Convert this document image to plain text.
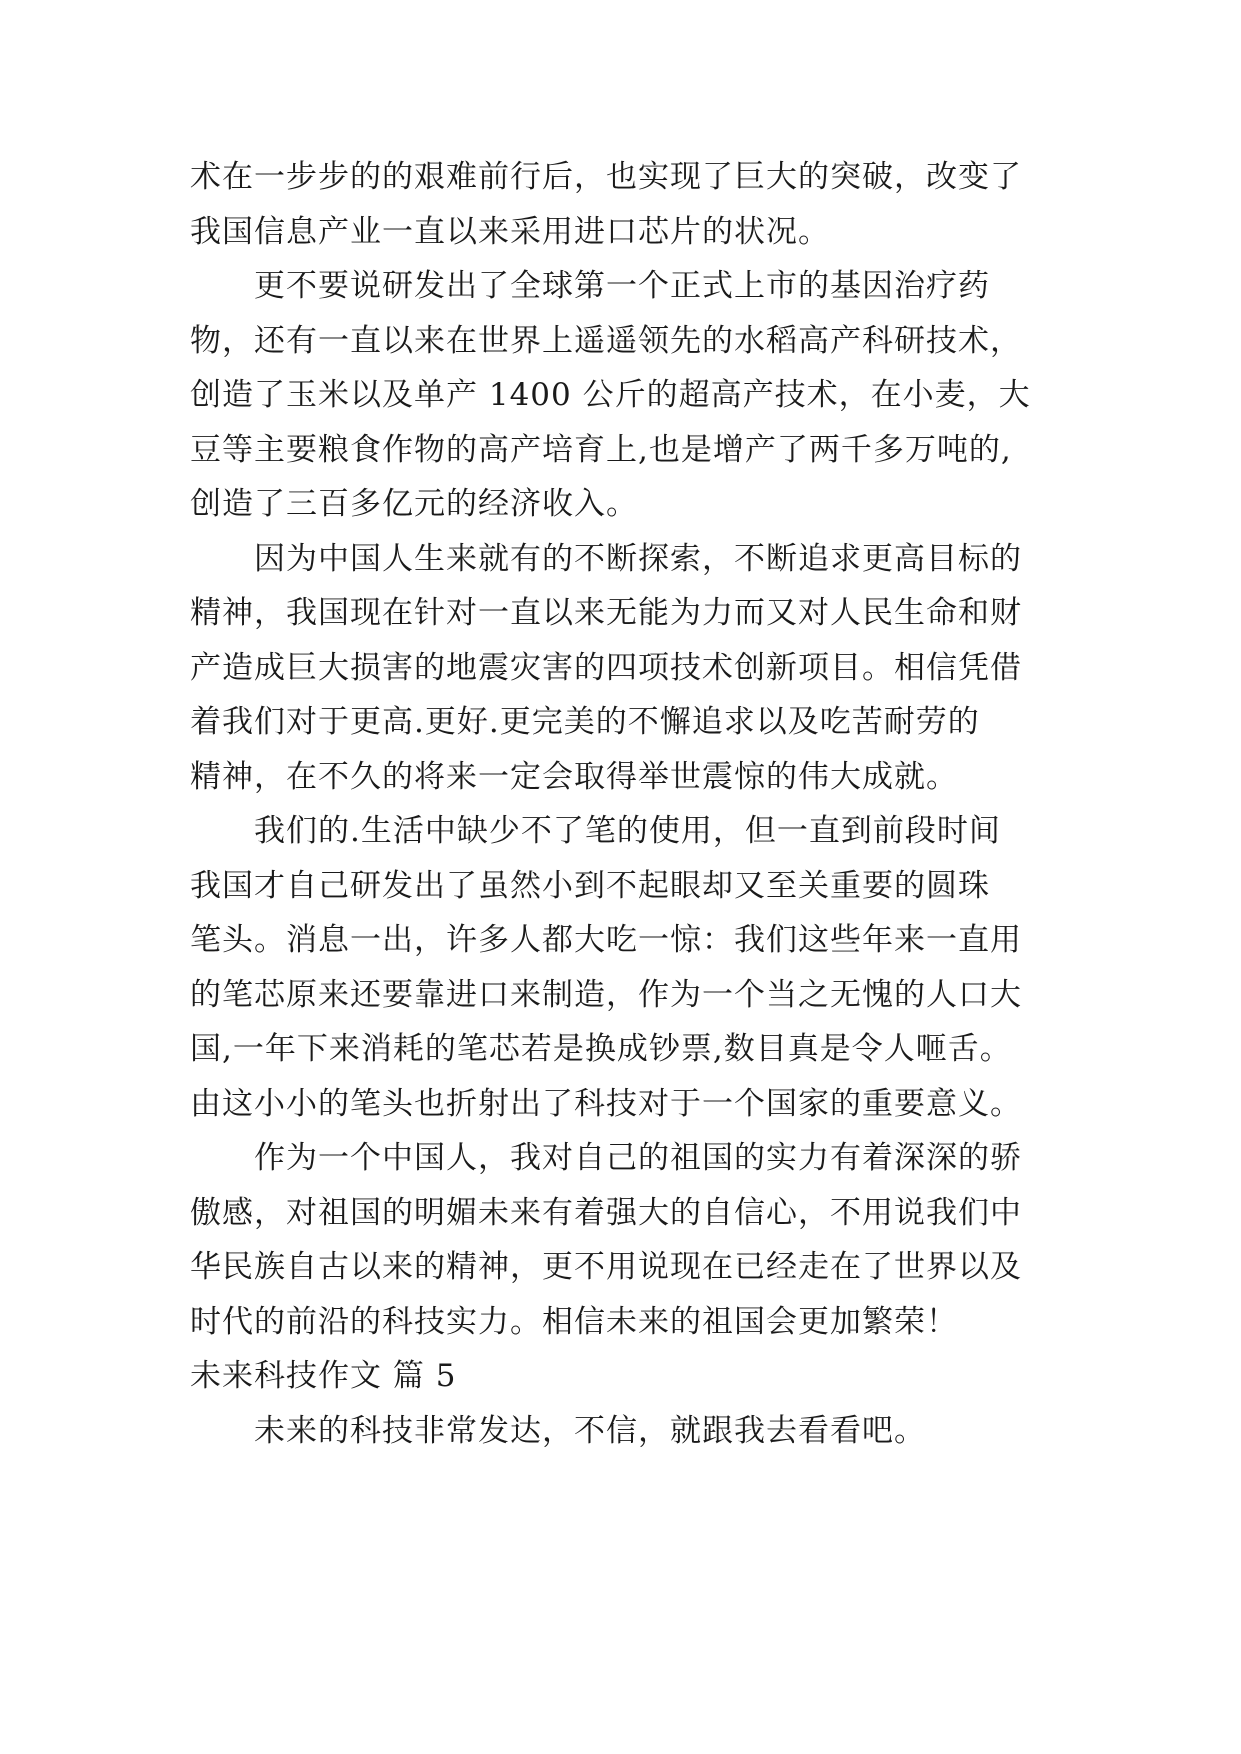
术在一步步的的艰难前行后，也实现了巨大的突破，改变了
我国信息产业一直以来采用进口芯片的状况。
更不要说研发出了全球第一个正式上市的基因治疗药
物，还有一直以来在世界上遥遥领先的水稻高产科研技术，
创造了玉米以及单产 1400 公斤的超高产技术，在小麦，大
豆等主要粮食作物的高产培育上,也是增产了两千多万吨的,
创造了三百多亿元的经济收入。
因为中国人生来就有的不断探索，不断追求更高目标的
精神，我国现在针对一直以来无能为力而又对人民生命和财
产造成巨大损害的地震灾害的四项技术创新项目。相信凭借
着我们对于更高.更好.更完美的不懈追求以及吃苦耐劳的
精神，在不久的将来一定会取得举世震惊的伟大成就。
我们的.生活中缺少不了笔的使用，但一直到前段时间
我国才自己研发出了虽然小到不起眼却又至关重要的圆珠
笔头。消息一出，许多人都大吃一惊：我们这些年来一直用
的笔芯原来还要靠进口来制造，作为一个当之无愧的人口大
国,一年下来消耗的笔芯若是换成钞票,数目真是令人咂舌。
由这小小的笔头也折射出了科技对于一个国家的重要意义。
作为一个中国人，我对自己的祖国的实力有着深深的骄
傲感，对祖国的明媚未来有着强大的自信心，不用说我们中
华民族自古以来的精神，更不用说现在已经走在了世界以及
时代的前沿的科技实力。相信未来的祖国会更加繁荣！
未来科技作文 篇 5
未来的科技非常发达，不信，就跟我去看看吧。
